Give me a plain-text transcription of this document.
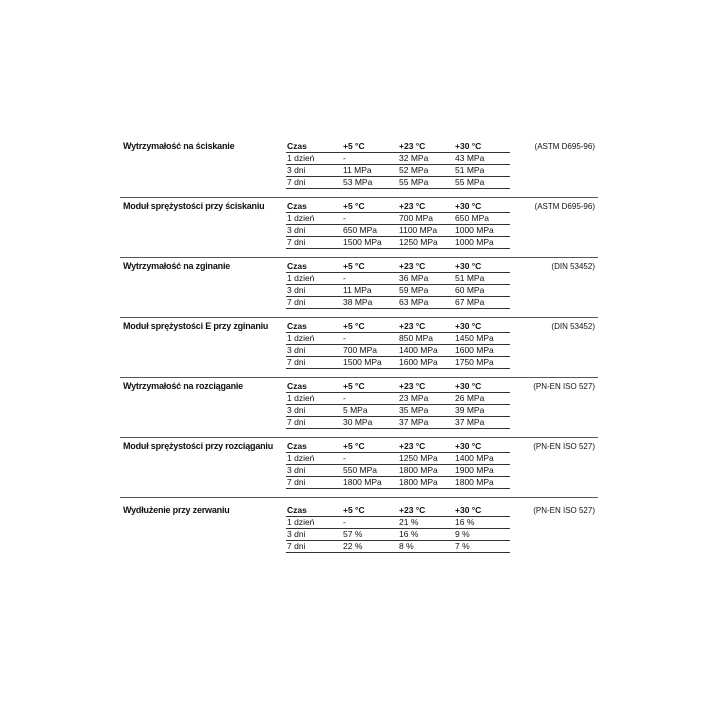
Wytrzymałość na ściskanie	Czas	+5 °C	+23 °C	+30 °C
1 dzień	-	32 MPa	43 MPa
3 dni	11 MPa	52 MPa	51 MPa
7 dni	53 MPa	55 MPa	55 MPa
(ASTM D695-96)
Moduł sprężystości przy ściskaniu	Czas	+5 °C	+23 °C	+30 °C
1 dzień	-	700 MPa	650 MPa
3 dni	650 MPa	1100 MPa	1000 MPa
7 dni	1500 MPa	1250 MPa	1000 MPa
(ASTM D695-96)
Wytrzymałość na zginanie	Czas	+5 °C	+23 °C	+30 °C
1 dzień	-	36 MPa	51 MPa
3 dni	11 MPa	59 MPa	60 MPa
7 dni	38 MPa	63 MPa	67 MPa
(DIN 53452)
Moduł sprężystości E przy zginaniu Czas	+5 °C	+23 °C	+30 °C
1 dzień	-	850 MPa	1450 MPa
3 dni	700 MPa	1400 MPa	1600 MPa
7 dni	1500 MPa	1600 MPa	1750 MPa
(DIN 53452)
Wytrzymałość na rozciąganie	Czas	+5 °C	+23 °C	+30 °C
1 dzień	-	23 MPa	26 MPa
3 dni	5 MPa	35 MPa	39 MPa
7 dni	30 MPa	37 MPa	37 MPa
(PN-EN ISO 527)
Moduł sprężystości przy rozciąganiu Czas	+5 °C	+23 °C	+30 °C
1 dzień	-	1250 MPa	1400 MPa
3 dni	550 MPa	1800 MPa	1900 MPa
7 dni	1800 MPa	1800 MPa	1800 MPa
(PN-EN ISO 527)
Wydłużenie przy zerwaniu	Czas	+5 °C	+23 °C	+30 °C
1 dzień	-	21 %	16 %
3 dni	57 %	16 %	9 %
7 dni	22 %	8 %	7 %
(PN-EN ISO 527)
